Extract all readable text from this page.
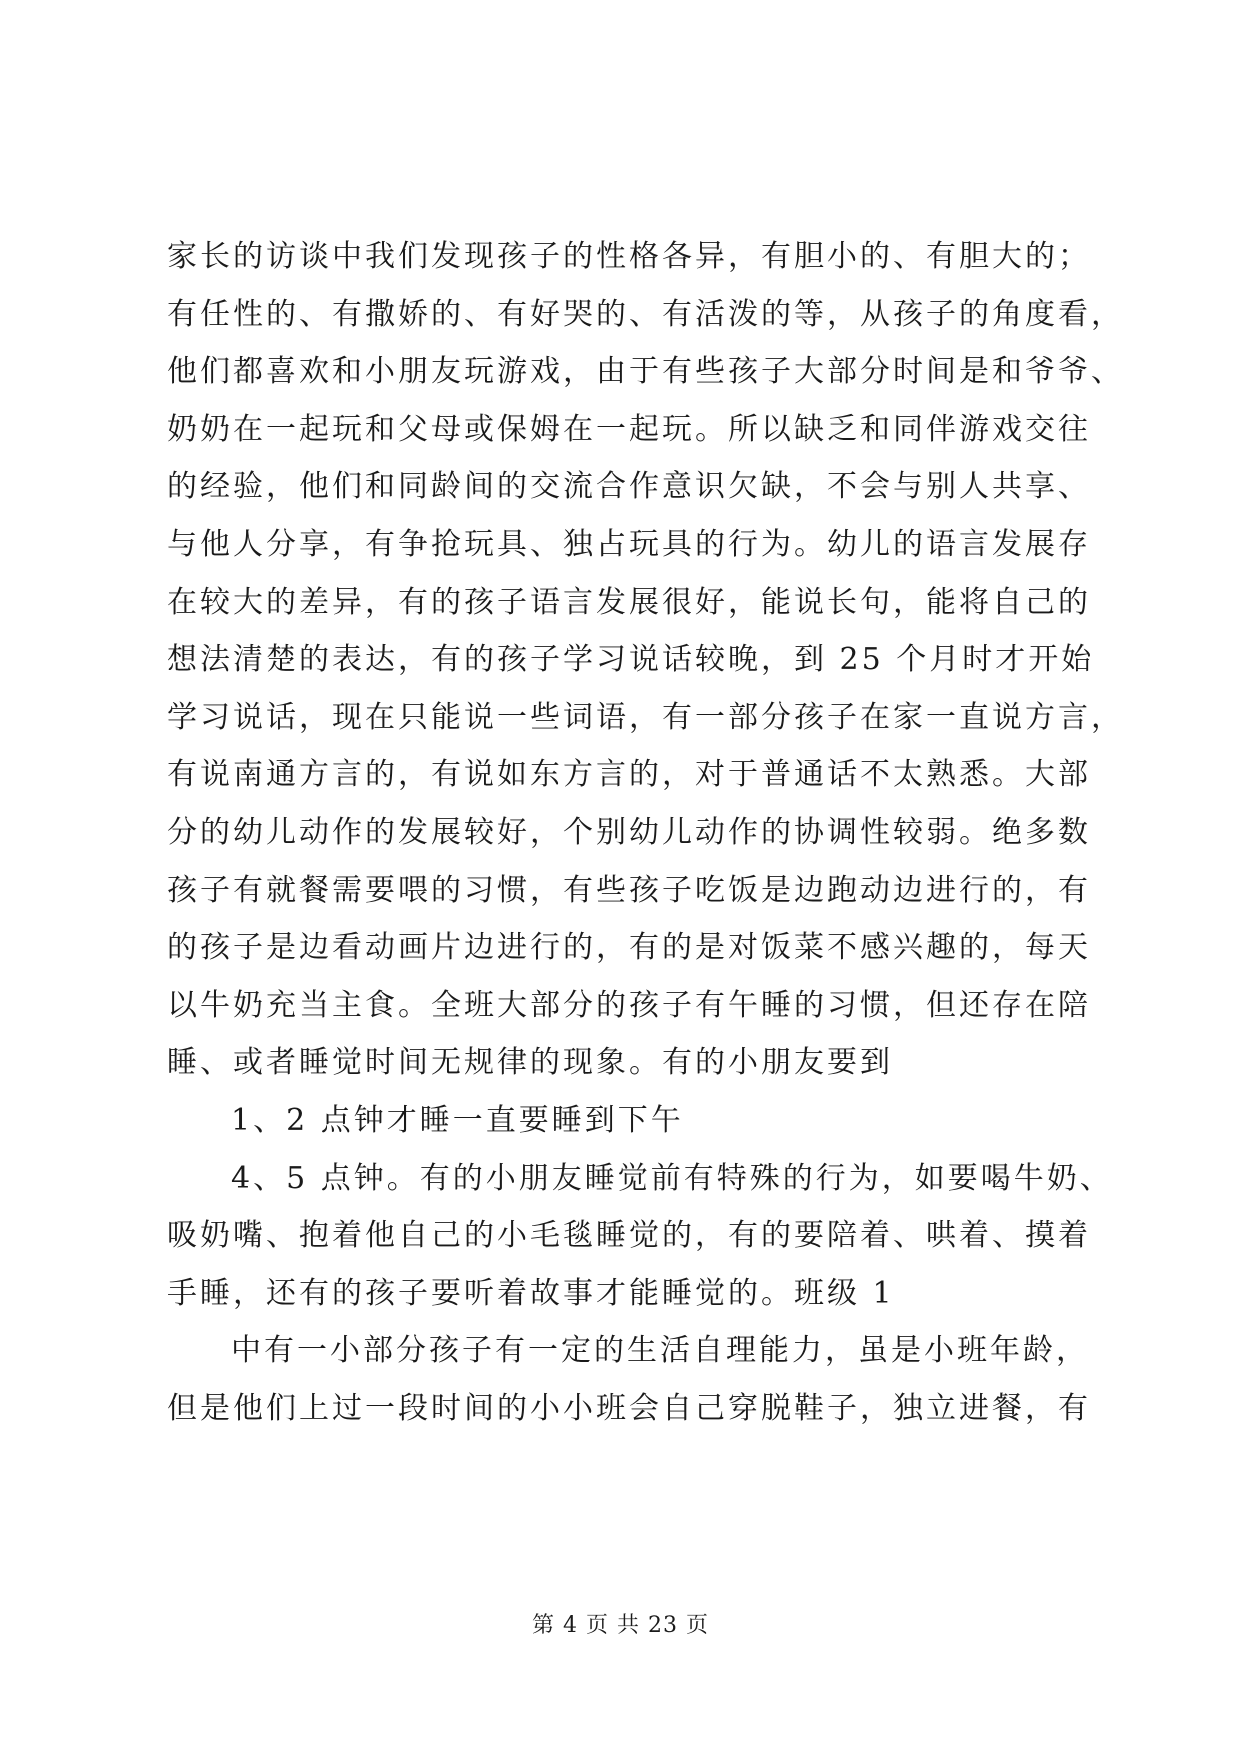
家长的访谈中我们发现孩子的性格各异，有胆小的、有胆大的；
有任性的、有撒娇的、有好哭的、有活泼的等，从孩子的角度看，
他们都喜欢和小朋友玩游戏，由于有些孩子大部分时间是和爷爷、
奶奶在一起玩和父母或保姆在一起玩。所以缺乏和同伴游戏交往
的经验，他们和同龄间的交流合作意识欠缺，不会与别人共享、
与他人分享，有争抢玩具、独占玩具的行为。幼儿的语言发展存
在较大的差异，有的孩子语言发展很好，能说长句，能将自己的
想法清楚的表达，有的孩子学习说话较晚，到 25 个月时才开始
学习说话，现在只能说一些词语，有一部分孩子在家一直说方言，
有说南通方言的，有说如东方言的，对于普通话不太熟悉。大部
分的幼儿动作的发展较好，个别幼儿动作的协调性较弱。绝多数
孩子有就餐需要喂的习惯，有些孩子吃饭是边跑动边进行的，有
的孩子是边看动画片边进行的，有的是对饭菜不感兴趣的，每天
以牛奶充当主食。全班大部分的孩子有午睡的习惯，但还存在陪
睡、或者睡觉时间无规律的现象。有的小朋友要到
1、2 点钟才睡一直要睡到下午
4、5 点钟。有的小朋友睡觉前有特殊的行为，如要喝牛奶、
吸奶嘴、抱着他自己的小毛毯睡觉的，有的要陪着、哄着、摸着
手睡，还有的孩子要听着故事才能睡觉的。班级 1
中有一小部分孩子有一定的生活自理能力，虽是小班年龄，
但是他们上过一段时间的小小班会自己穿脱鞋子，独立进餐，有
第 4 页 共 23 页
